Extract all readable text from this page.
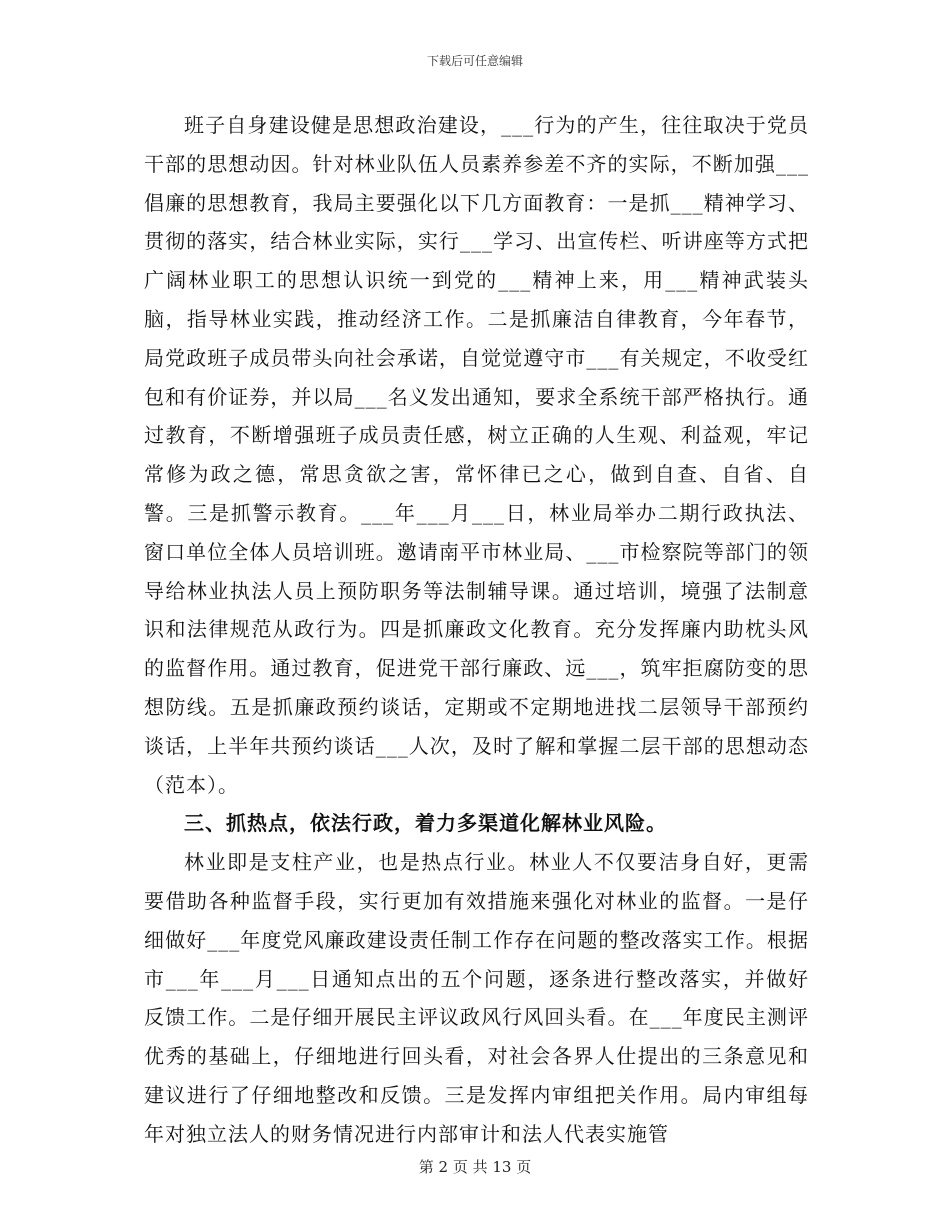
下载后可任意编辑

班子自身建设健是思想政治建设，___行为的产生，往往取决于党员干部的思想动因。针对林业队伍人员素养参差不齐的实际，不断加强___倡廉的思想教育，我局主要强化以下几方面教育：一是抓___精神学习、贯彻的落实，结合林业实际，实行___学习、出宣传栏、听讲座等方式把广阔林业职工的思想认识统一到党的___精神上来，用___精神武装头脑，指导林业实践，推动经济工作。二是抓廉洁自律教育，今年春节，局党政班子成员带头向社会承诺，自觉觉遵守市___有关规定，不收受红包和有价证券，并以局___名义发出通知，要求全系统干部严格执行。通过教育，不断增强班子成员责任感，树立正确的人生观、利益观，牢记常修为政之德，常思贪欲之害，常怀律已之心，做到自查、自省、自警。三是抓警示教育。___年___月___日，林业局举办二期行政执法、窗口单位全体人员培训班。邀请南平市林业局、___市检察院等部门的领导给林业执法人员上预防职务等法制辅导课。通过培训，境强了法制意识和法律规范从政行为。四是抓廉政文化教育。充分发挥廉内助枕头风的监督作用。通过教育，促进党干部行廉政、远___，筑牢拒腐防变的思想防线。五是抓廉政预约谈话，定期或不定期地进找二层领导干部预约谈话，上半年共预约谈话___人次，及时了解和掌握二层干部的思想动态（范本）。

三、抓热点，依法行政，着力多渠道化解林业风险。

林业即是支柱产业，也是热点行业。林业人不仅要洁身自好，更需要借助各种监督手段，实行更加有效措施来强化对林业的监督。一是仔细做好___年度党风廉政建设责任制工作存在问题的整改落实工作。根据市___年___月___日通知点出的五个问题，逐条进行整改落实，并做好反馈工作。二是仔细开展民主评议政风行风回头看。在___年度民主测评优秀的基础上，仔细地进行回头看，对社会各界人仕提出的三条意见和建议进行了仔细地整改和反馈。三是发挥内审组把关作用。局内审组每年对独立法人的财务情况进行内部审计和法人代表实施管

第 2 页 共 13 页
